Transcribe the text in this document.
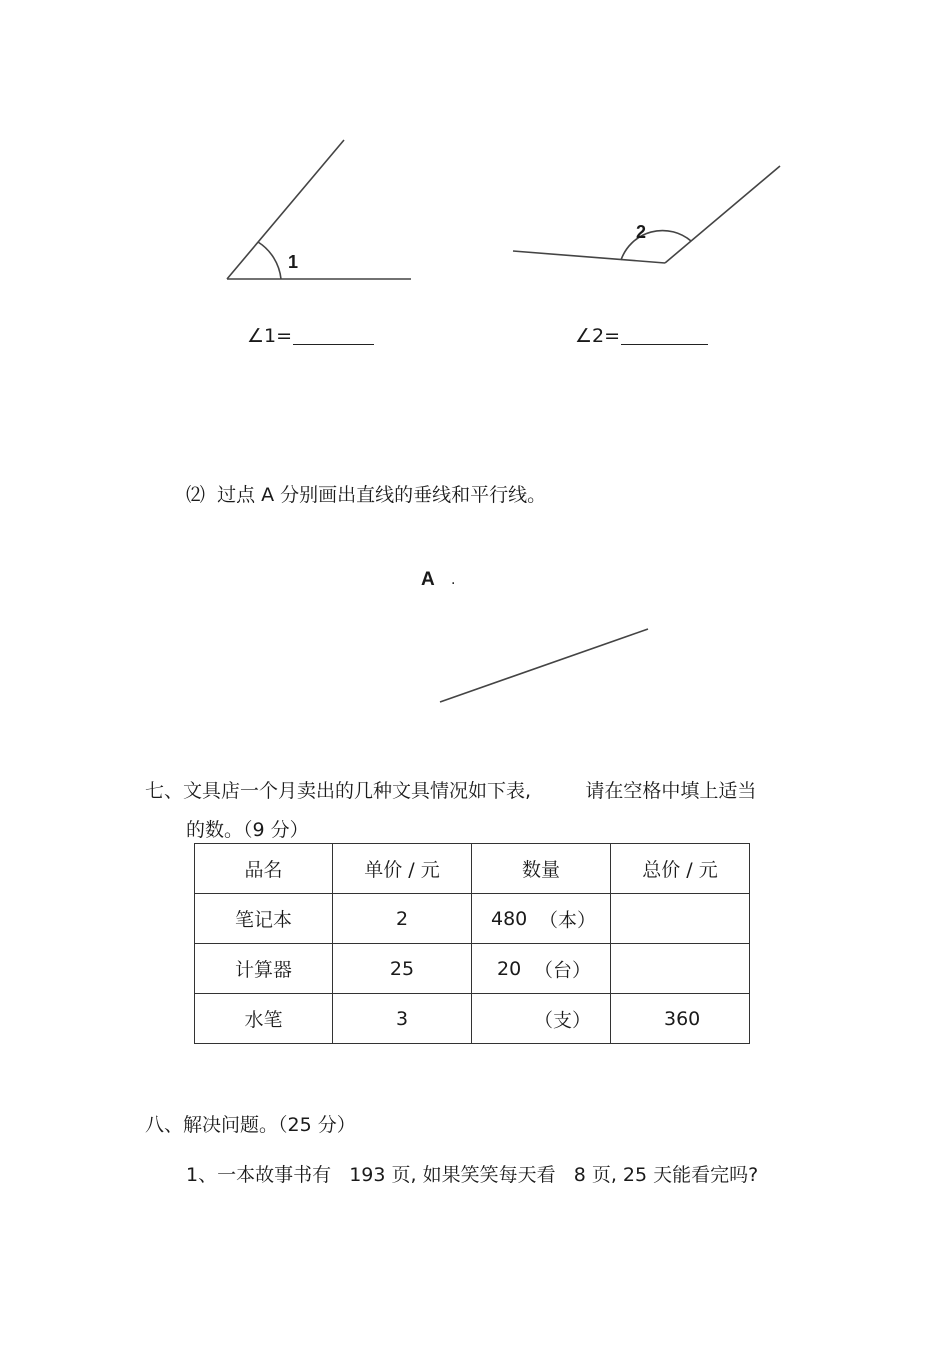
1
2
∠1=	∠2=
⑵  过点 A 分别画出直线的垂线和平行线。
A .
七、文具店一个月卖出的几种文具情况如下表,         请在空格中填上适当
的数。（9 分）
品名	单价 / 元	数量	总价 / 元
笔记本	2	480 （本）	

计算器	25	20 （台）	

水笔	3	（支）	360
八、解决问题。（25 分）
1、一本故事书有   193 页, 如果笑笑每天看   8 页, 25 天能看完吗?
